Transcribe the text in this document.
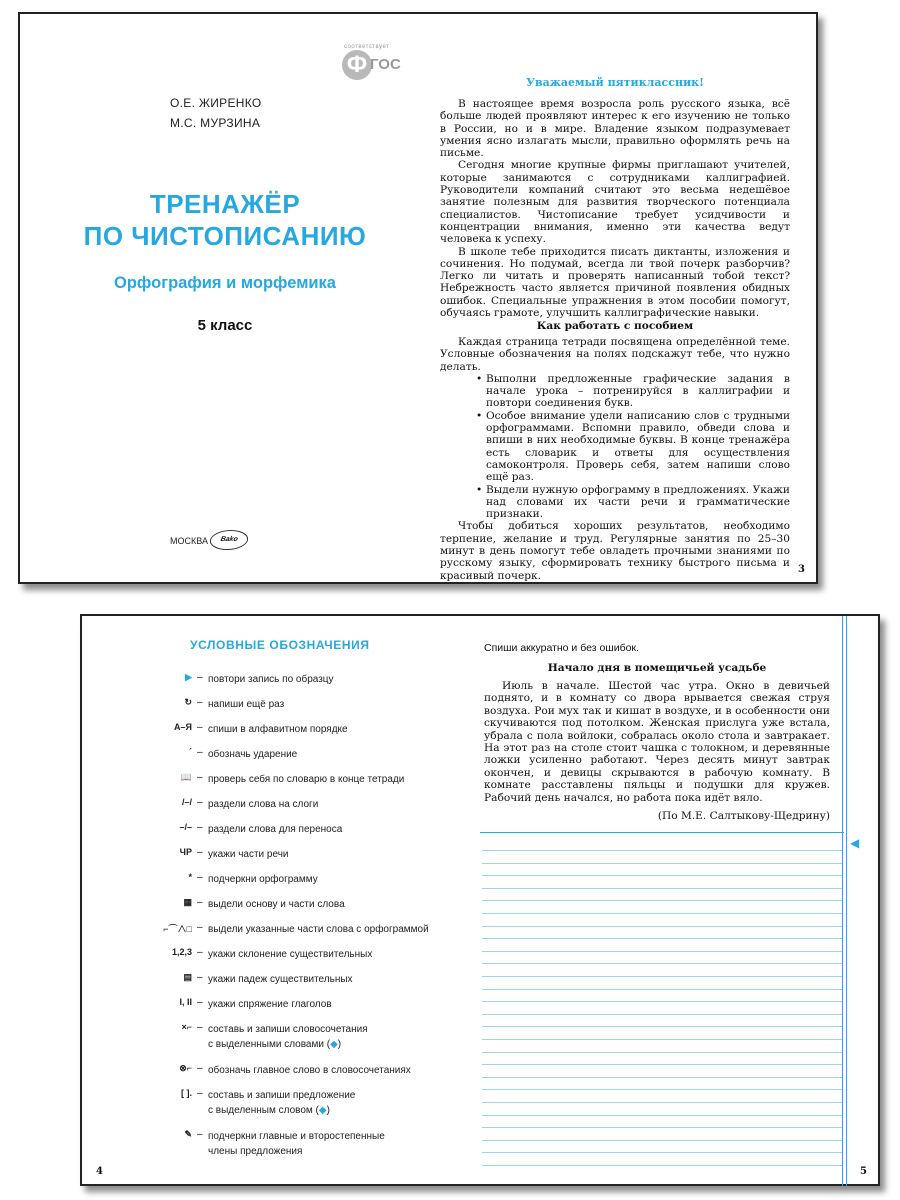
соответствует
Ф ГОС
О.Е. ЖИРЕНКО
М.С. МУРЗИНА
ТРЕНАЖЁР
ПО ЧИСТОПИСАНИЮ
Орфография и морфемика
5 класс
МОСКВА	Bako
Уважаемый пятиклассник!

В настоящее время возросла роль русского языка, всё больше людей проявляют интерес к его изучению не только в России, но и в мире. Владение языком подразумевает умения ясно излагать мысли, правильно оформлять речь на письме.

Сегодня многие крупные фирмы приглашают учителей, которые занимаются с сотрудниками каллиграфией. Руководители компаний считают это весьма недешёвое занятие полезным для развития творческого потенциала специалистов. Чистописание требует усидчивости и концентрации внимания, именно эти качества ведут человека к успеху.

В школе тебе приходится писать диктанты, изложения и сочинения. Но подумай, всегда ли твой почерк разборчив? Легко ли читать и проверять написанный тобой текст? Небрежность часто является причиной появления обидных ошибок. Специальные упражнения в этом пособии помогут, обучаясь грамоте, улучшить каллиграфические навыки.

Как работать с пособием

Каждая страница тетради посвящена определённой теме. Условные обозначения на полях подскажут тебе, что нужно делать.

• Выполни предложенные графические задания в начале урока – потренируйся в каллиграфии и повтори соединения букв.
• Особое внимание удели написанию слов с трудными орфограммами. Вспомни правило, обведи слова и впиши в них необходимые буквы. В конце тренажёра есть словарик и ответы для осуществления самоконтроля. Проверь себя, затем напиши слово ещё раз.
• Выдели нужную орфограмму в предложениях. Укажи над словами их части речи и грамматические признаки.

Чтобы добиться хороших результатов, необходимо терпение, желание и труд. Регулярные занятия по 25–30 минут в день помогут тебе овладеть прочными знаниями по русскому языку, сформировать технику быстрого письма и красивый почерк.

3
УСЛОВНЫЕ ОБОЗНАЧЕНИЯ
▶ – повтори запись по образцу
↻ – напиши ещё раз
А–Я – спиши в алфавитном порядке
´ – обозначь ударение
📖 – проверь себя по словарю в конце тетради
/–/ – раздели слова на слоги
–/– – раздели слова для переноса
ЧР – укажи части речи
* – подчеркни орфограмму
▦ – выдели основу и части слова
⌐⌒∧□ – выдели указанные части слова с орфограммой
1,2,3 – укажи склонение существительных
▤ – укажи падеж существительных
I, II – укажи спряжение глаголов
×⌐ – составь и запиши словосочетания
с выделенными словами (◆)
⊗⌐ – обозначь главное слово в словосочетаниях
[ ]. – составь и запиши предложение
с выделенным словом (◆)
✎ – подчеркни главные и второстепенные
члены предложения
4
Спиши аккуратно и без ошибок.
Начало дня в помещичьей усадьбе

Июль в начале. Шестой час утра. Окно в девичьей поднято, и в комнату со двора врывается свежая струя воздуха. Рои мух так и кишат в воздухе, и в особенности они скучиваются под потолком. Женская прислуга уже встала, убрала с пола войлоки, собралась около стола и завтракает. На этот раз на столе стоит чашка с толокном, и деревянные ложки усиленно работают. Через десять минут завтрак окончен, и девицы скрываются в рабочую комнату. В комнате расставлены пяльцы и подушки для кружев. Рабочий день начался, но работа пока идёт вяло.

(По М.Е. Салтыкову-Щедрину)
◀
5
